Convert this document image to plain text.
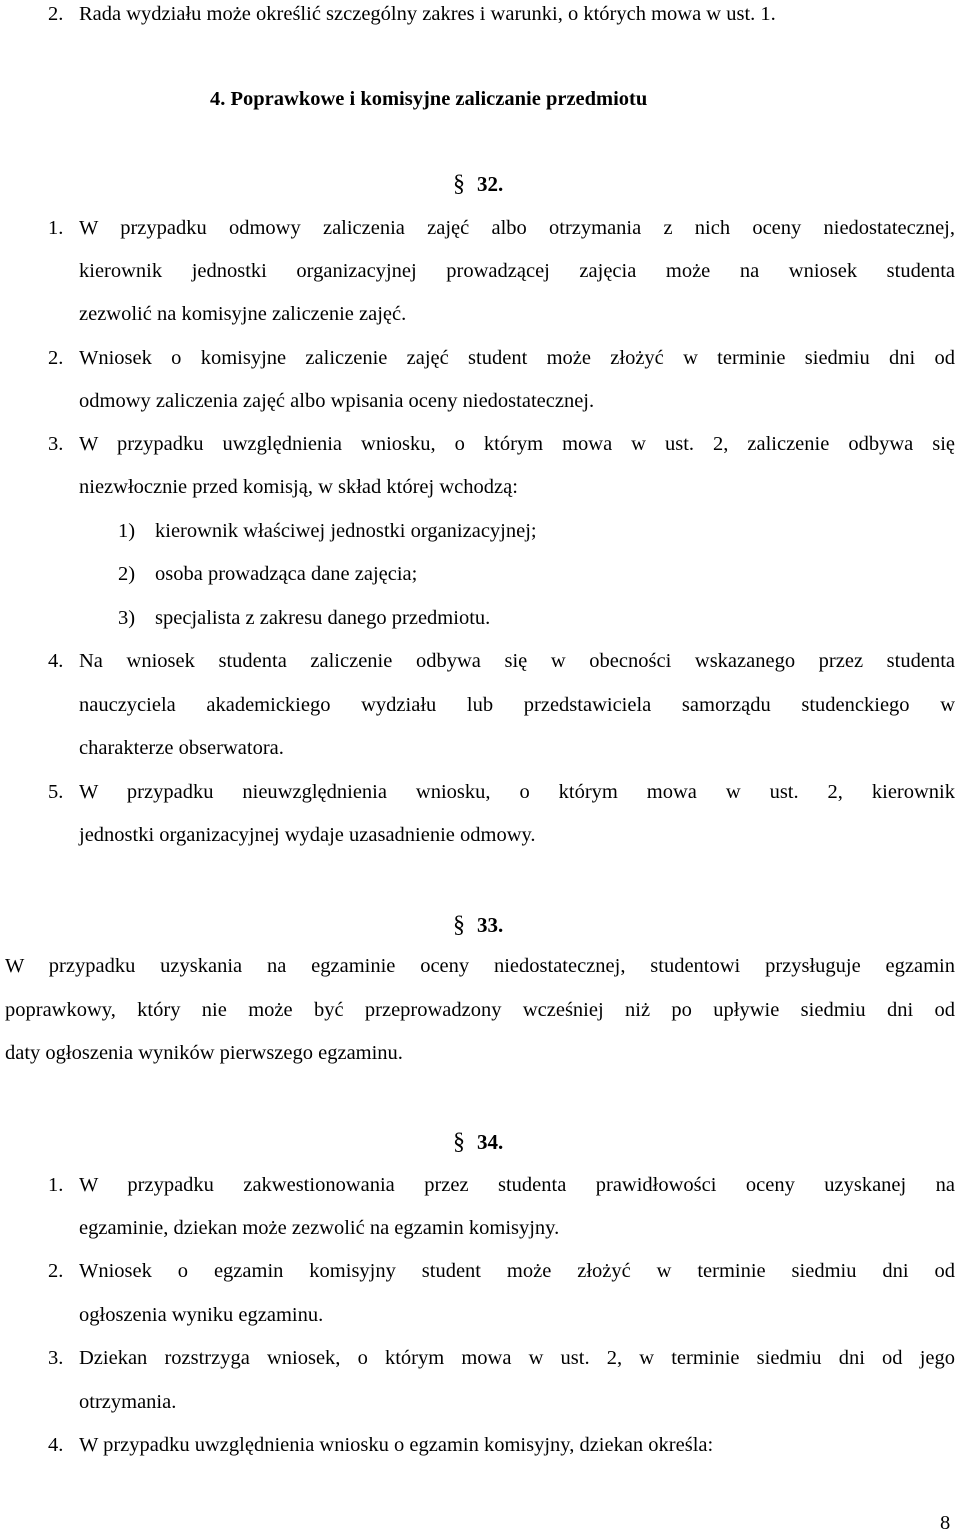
2. Rada wydziału może określić szczególny zakres i warunki, o których mowa w ust. 1.
4. Poprawkowe i komisyjne zaliczanie przedmiotu
§ 32.
1. W przypadku odmowy zaliczenia zajęć albo otrzymania z nich oceny niedostatecznej,
kierownik jednostki organizacyjnej prowadzącej zajęcia może na wniosek studenta
zezwolić na komisyjne zaliczenie zajęć.
2. Wniosek o komisyjne zaliczenie zajęć student może złożyć w terminie siedmiu dni od
odmowy zaliczenia zajęć albo wpisania oceny niedostatecznej.
3. W przypadku uwzględnienia wniosku, o którym mowa w ust. 2, zaliczenie odbywa się
niezwłocznie przed komisją, w skład której wchodzą:
1) kierownik właściwej jednostki organizacyjnej;
2) osoba prowadząca dane zajęcia;
3) specjalista z zakresu danego przedmiotu.
4. Na wniosek studenta zaliczenie odbywa się w obecności wskazanego przez studenta
nauczyciela akademickiego wydziału lub przedstawiciela samorządu studenckiego w
charakterze obserwatora.
5. W przypadku nieuwzględnienia wniosku, o którym mowa w ust. 2, kierownik
jednostki organizacyjnej wydaje uzasadnienie odmowy.
§ 33.
W przypadku uzyskania na egzaminie oceny niedostatecznej, studentowi przysługuje egzamin
poprawkowy, który nie może być przeprowadzony wcześniej niż po upływie siedmiu dni od
daty ogłoszenia wyników pierwszego egzaminu.
§ 34.
1. W przypadku zakwestionowania przez studenta prawidłowości oceny uzyskanej na
egzaminie, dziekan może zezwolić na egzamin komisyjny.
2. Wniosek o egzamin komisyjny student może złożyć w terminie siedmiu dni od
ogłoszenia wyniku egzaminu.
3. Dziekan rozstrzyga wniosek, o którym mowa w ust. 2, w terminie siedmiu dni od jego
otrzymania.
4. W przypadku uwzględnienia wniosku o egzamin komisyjny, dziekan określa:
8
